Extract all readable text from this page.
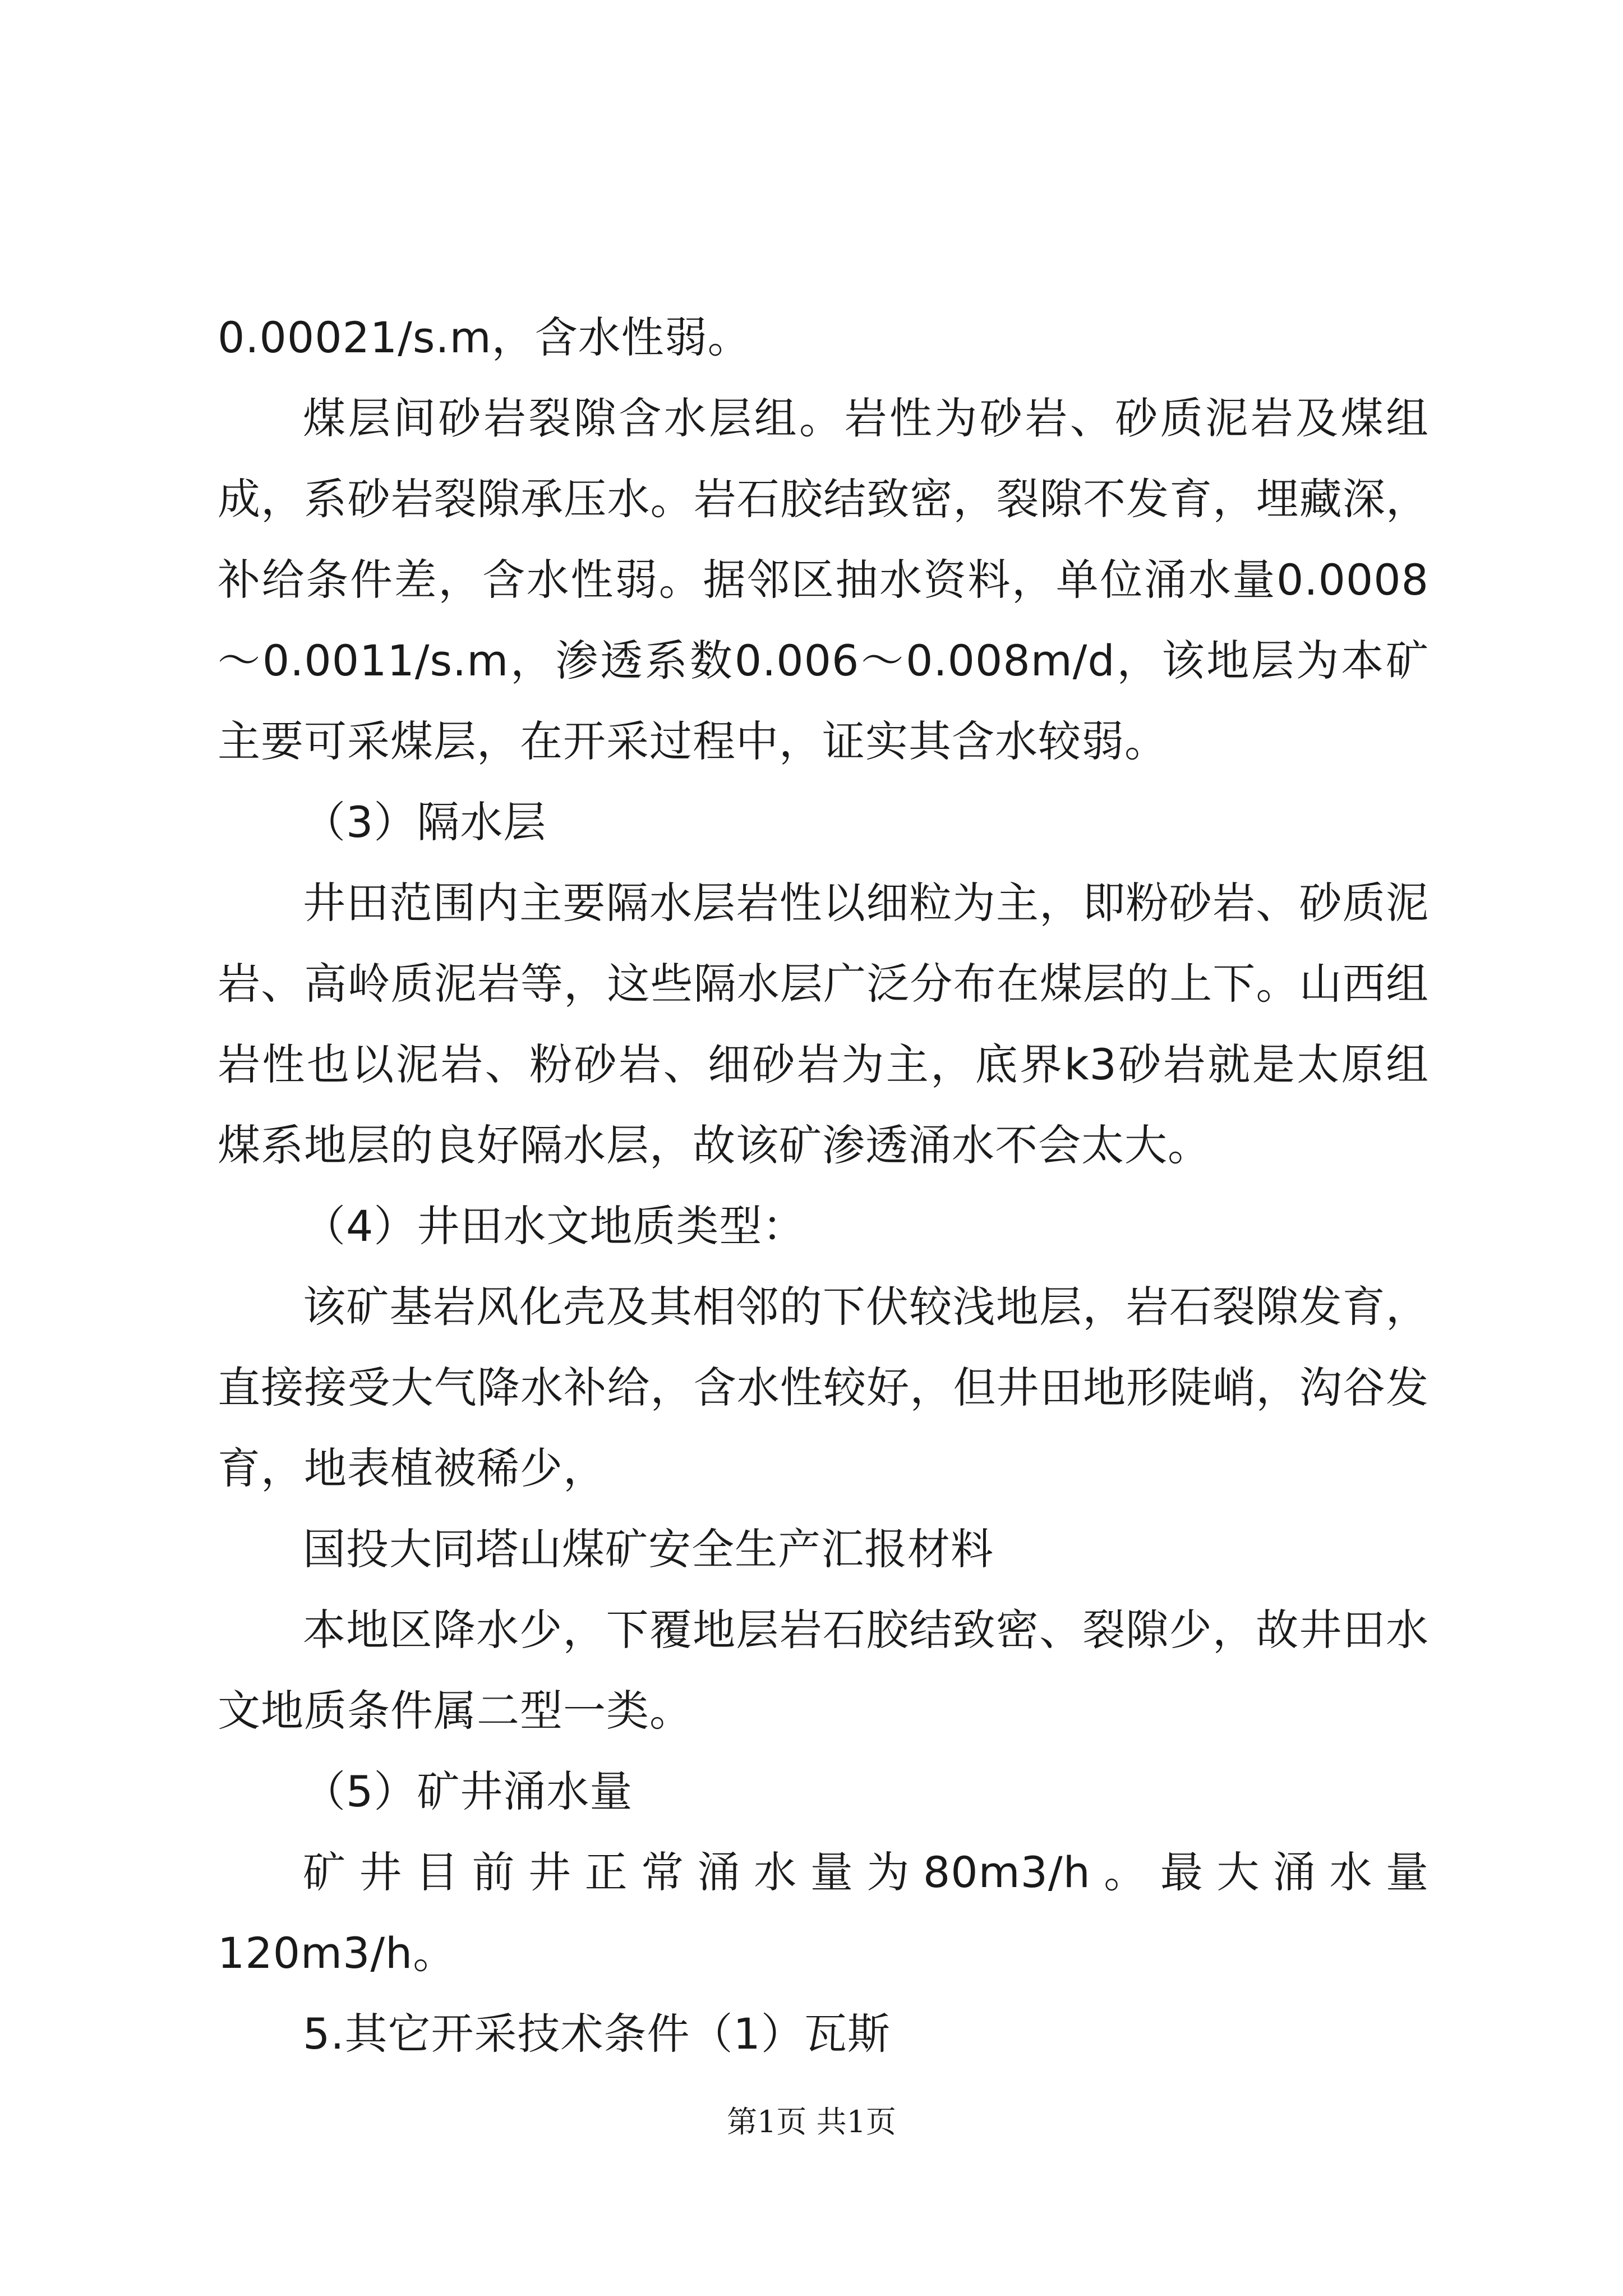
0.00021/s.m，含水性弱。

煤层间砂岩裂隙含水层组。岩性为砂岩、砂质泥岩及煤组成，系砂岩裂隙承压水。岩石胶结致密，裂隙不发育，埋藏深，补给条件差，含水性弱。据邻区抽水资料，单位涌水量0.0008～0.0011/s.m，渗透系数0.006～0.008m/d，该地层为本矿主要可采煤层，在开采过程中，证实其含水较弱。

（3）隔水层

井田范围内主要隔水层岩性以细粒为主，即粉砂岩、砂质泥岩、高岭质泥岩等，这些隔水层广泛分布在煤层的上下。山西组岩性也以泥岩、粉砂岩、细砂岩为主，底界k3砂岩就是太原组煤系地层的良好隔水层，故该矿渗透涌水不会太大。

（4）井田水文地质类型：

该矿基岩风化壳及其相邻的下伏较浅地层，岩石裂隙发育，直接接受大气降水补给，含水性较好，但井田地形陡峭，沟谷发育，地表植被稀少，

国投大同塔山煤矿安全生产汇报材料

本地区降水少，下覆地层岩石胶结致密、裂隙少，故井田水文地质条件属二型一类。

（5）矿井涌水量

矿井目前井正常涌水量为80m3/h。最大涌水量120m3/h。

5.其它开采技术条件（1）瓦斯

第1页 共1页
